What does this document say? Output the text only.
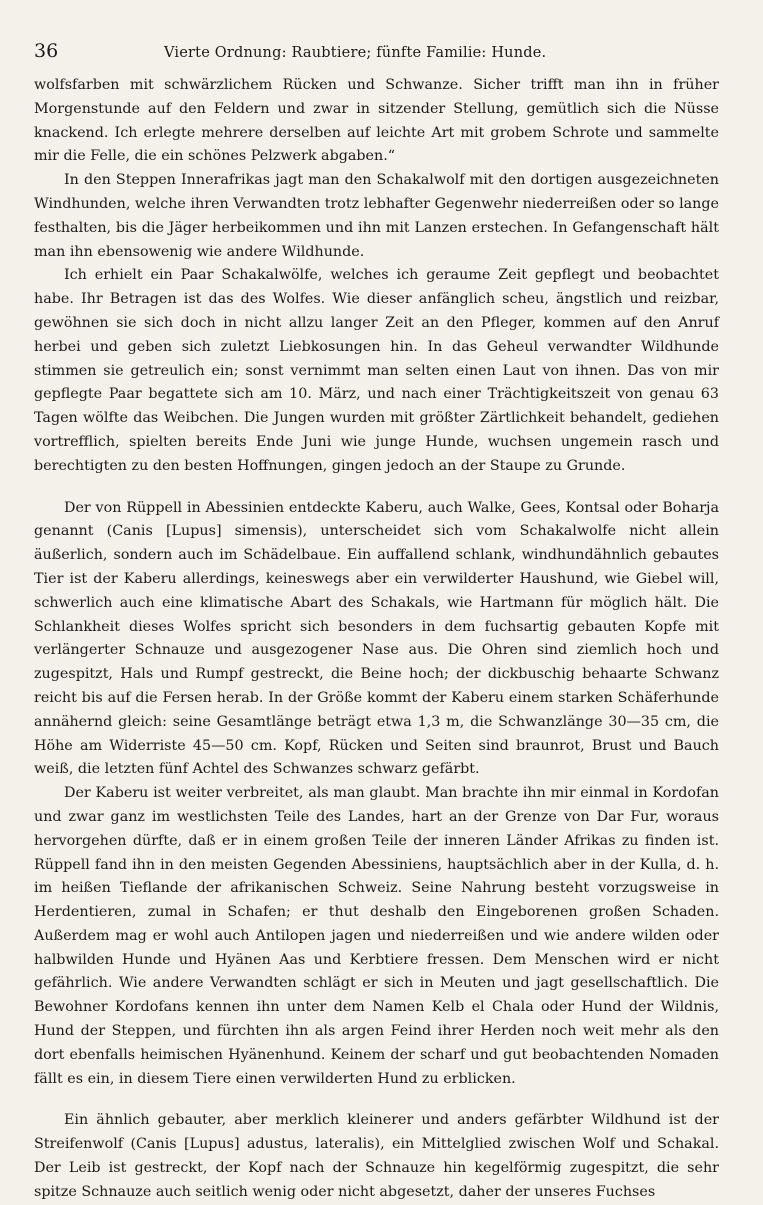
36	Vierte Ordnung: Raubtiere; fünfte Familie: Hunde.

wolfsfarben mit schwärzlichem Rücken und Schwanze. Sicher trifft man ihn in früher Morgenstunde auf den Feldern und zwar in sitzender Stellung, gemütlich sich die Nüsse knackend. Ich erlegte mehrere derselben auf leichte Art mit grobem Schrote und sammelte mir die Felle, die ein schönes Pelzwerk abgaben.“

In den Steppen Innerafrikas jagt man den Schakalwolf mit den dortigen ausgezeichneten Windhunden, welche ihren Verwandten trotz lebhafter Gegenwehr niederreißen oder so lange festhalten, bis die Jäger herbeikommen und ihn mit Lanzen erstechen. In Gefangenschaft hält man ihn ebensowenig wie andere Wildhunde.

Ich erhielt ein Paar Schakalwölfe, welches ich geraume Zeit gepflegt und beobachtet habe. Ihr Betragen ist das des Wolfes. Wie dieser anfänglich scheu, ängstlich und reizbar, gewöhnen sie sich doch in nicht allzu langer Zeit an den Pfleger, kommen auf den Anruf herbei und geben sich zuletzt Liebkosungen hin. In das Geheul verwandter Wildhunde stimmen sie getreulich ein; sonst vernimmt man selten einen Laut von ihnen. Das von mir gepflegte Paar begattete sich am 10. März, und nach einer Trächtigkeitszeit von genau 63 Tagen wölfte das Weibchen. Die Jungen wurden mit größter Zärtlichkeit behandelt, gediehen vortrefflich, spielten bereits Ende Juni wie junge Hunde, wuchsen ungemein rasch und berechtigten zu den besten Hoffnungen, gingen jedoch an der Staupe zu Grunde.

Der von Rüppell in Abessinien entdeckte Kaberu, auch Walke, Gees, Kontsal oder Boharja genannt (Canis [Lupus] simensis), unterscheidet sich vom Schakalwolfe nicht allein äußerlich, sondern auch im Schädelbaue. Ein auffallend schlank, windhundähnlich gebautes Tier ist der Kaberu allerdings, keineswegs aber ein verwilderter Haushund, wie Giebel will, schwerlich auch eine klimatische Abart des Schakals, wie Hartmann für möglich hält. Die Schlankheit dieses Wolfes spricht sich besonders in dem fuchsartig gebauten Kopfe mit verlängerter Schnauze und ausgezogener Nase aus. Die Ohren sind ziemlich hoch und zugespitzt, Hals und Rumpf gestreckt, die Beine hoch; der dickbuschig behaarte Schwanz reicht bis auf die Fersen herab. In der Größe kommt der Kaberu einem starken Schäferhunde annähernd gleich: seine Gesamtlänge beträgt etwa 1,3 m, die Schwanzlänge 30—35 cm, die Höhe am Widerriste 45—50 cm. Kopf, Rücken und Seiten sind braunrot, Brust und Bauch weiß, die letzten fünf Achtel des Schwanzes schwarz gefärbt.

Der Kaberu ist weiter verbreitet, als man glaubt. Man brachte ihn mir einmal in Kordofan und zwar ganz im westlichsten Teile des Landes, hart an der Grenze von Dar Fur, woraus hervorgehen dürfte, daß er in einem großen Teile der inneren Länder Afrikas zu finden ist. Rüppell fand ihn in den meisten Gegenden Abessiniens, hauptsächlich aber in der Kulla, d. h. im heißen Tieflande der afrikanischen Schweiz. Seine Nahrung besteht vorzugsweise in Herdentieren, zumal in Schafen; er thut deshalb den Eingeborenen großen Schaden. Außerdem mag er wohl auch Antilopen jagen und niederreißen und wie andere wilden oder halbwilden Hunde und Hyänen Aas und Kerbtiere fressen. Dem Menschen wird er nicht gefährlich. Wie andere Verwandten schlägt er sich in Meuten und jagt gesellschaftlich. Die Bewohner Kordofans kennen ihn unter dem Namen Kelb el Chala oder Hund der Wildnis, Hund der Steppen, und fürchten ihn als argen Feind ihrer Herden noch weit mehr als den dort ebenfalls heimischen Hyänenhund. Keinem der scharf und gut beobachtenden Nomaden fällt es ein, in diesem Tiere einen verwilderten Hund zu erblicken.

Ein ähnlich gebauter, aber merklich kleinerer und anders gefärbter Wildhund ist der Streifenwolf (Canis [Lupus] adustus, lateralis), ein Mittelglied zwischen Wolf und Schakal. Der Leib ist gestreckt, der Kopf nach der Schnauze hin kegelförmig zugespitzt, die sehr spitze Schnauze auch seitlich wenig oder nicht abgesetzt, daher der unseres Fuchses
